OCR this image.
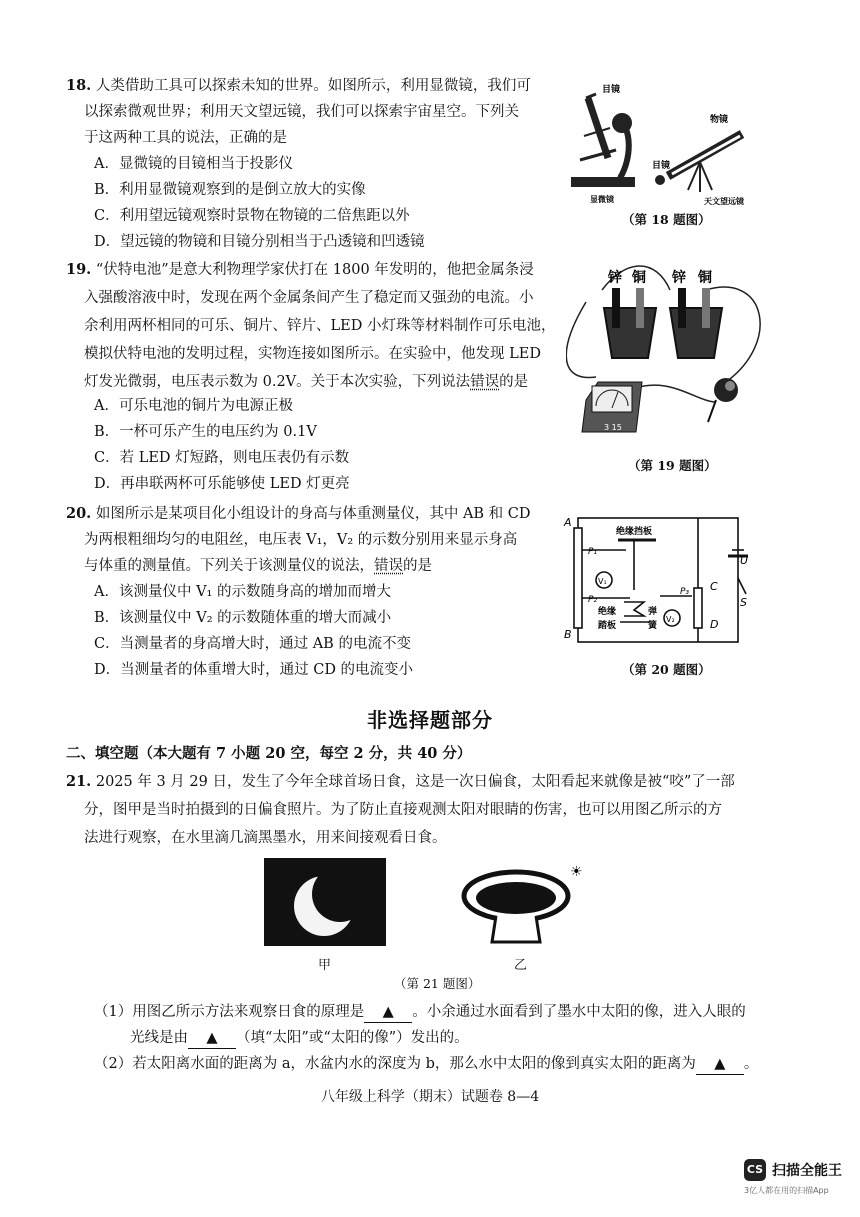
18. 人类借助工具可以探索未知的世界。如图所示，利用显微镜，我们可
以探索微观世界；利用天文望远镜，我们可以探索宇宙星空。下列关
于这两种工具的说法，正确的是
A．显微镜的目镜相当于投影仪
B．利用显微镜观察到的是倒立放大的实像
C．利用望远镜观察时景物在物镜的二倍焦距以外
D．望远镜的物镜和目镜分别相当于凸透镜和凹透镜
目镜
显微镜
物镜
目镜
天文望远镜
（第 18 题图）
19. “伏特电池”是意大利物理学家伏打在 1800 年发明的，他把金属条浸
入强酸溶液中时，发现在两个金属条间产生了稳定而又强劲的电流。小
余利用两杯相同的可乐、铜片、锌片、LED 小灯珠等材料制作可乐电池，
模拟伏特电池的发明过程，实物连接如图所示。在实验中，他发现 LED
灯发光微弱，电压表示数为 0.2V。关于本次实验，下列说法错误的是
A．可乐电池的铜片为电源正极
B．一杯可乐产生的电压约为 0.1V
C．若 LED 灯短路，则电压表仍有示数
D．再串联两杯可乐能够使 LED 灯更亮
锌 铜 锌 铜
3 15
（第 19 题图）
20. 如图所示是某项目化小组设计的身高与体重测量仪，其中 AB 和 CD
为两根粗细均匀的电阻丝，电压表 V₁，V₂ 的示数分别用来显示身高
与体重的测量值。下列关于该测量仪的说法，错误的是
A．该测量仪中 V₁ 的示数随身高的增加而增大
B．该测量仪中 V₂ 的示数随体重的增大而减小
C．当测量者的身高增大时，通过 AB 的电流不变
D．当测量者的体重增大时，通过 CD 的电流变小
A
B
C
D
U
S
P₁
P₂
P₃
V₁
V₂
绝缘挡板
绝缘
踏板
弹
簧
（第 20 题图）
非选择题部分
二、填空题（本大题有 7 小题 20 空，每空 2 分，共 40 分）
21. 2025 年 3 月 29 日，发生了今年全球首场日食，这是一次日偏食，太阳看起来就像是被“咬”了一部
分，图甲是当时拍摄到的日偏食照片。为了防止直接观测太阳对眼睛的伤害，也可以用图乙所示的方
法进行观察，在水里滴几滴黑墨水，用来间接观看日食。
☀
甲	乙
（第 21 题图）
（1）用图乙所示方法来观察日食的原理是 ▲ 。小余通过水面看到了墨水中太阳的像，进入人眼的
光线是由 ▲ （填“太阳”或“太阳的像”）发出的。
（2）若太阳离水面的距离为 a，水盆内水的深度为 b，那么水中太阳的像到真实太阳的距离为 ▲ 。
八年级上科学（期末）试题卷 8—4
CS 扫描全能王
3亿人都在用的扫描App
